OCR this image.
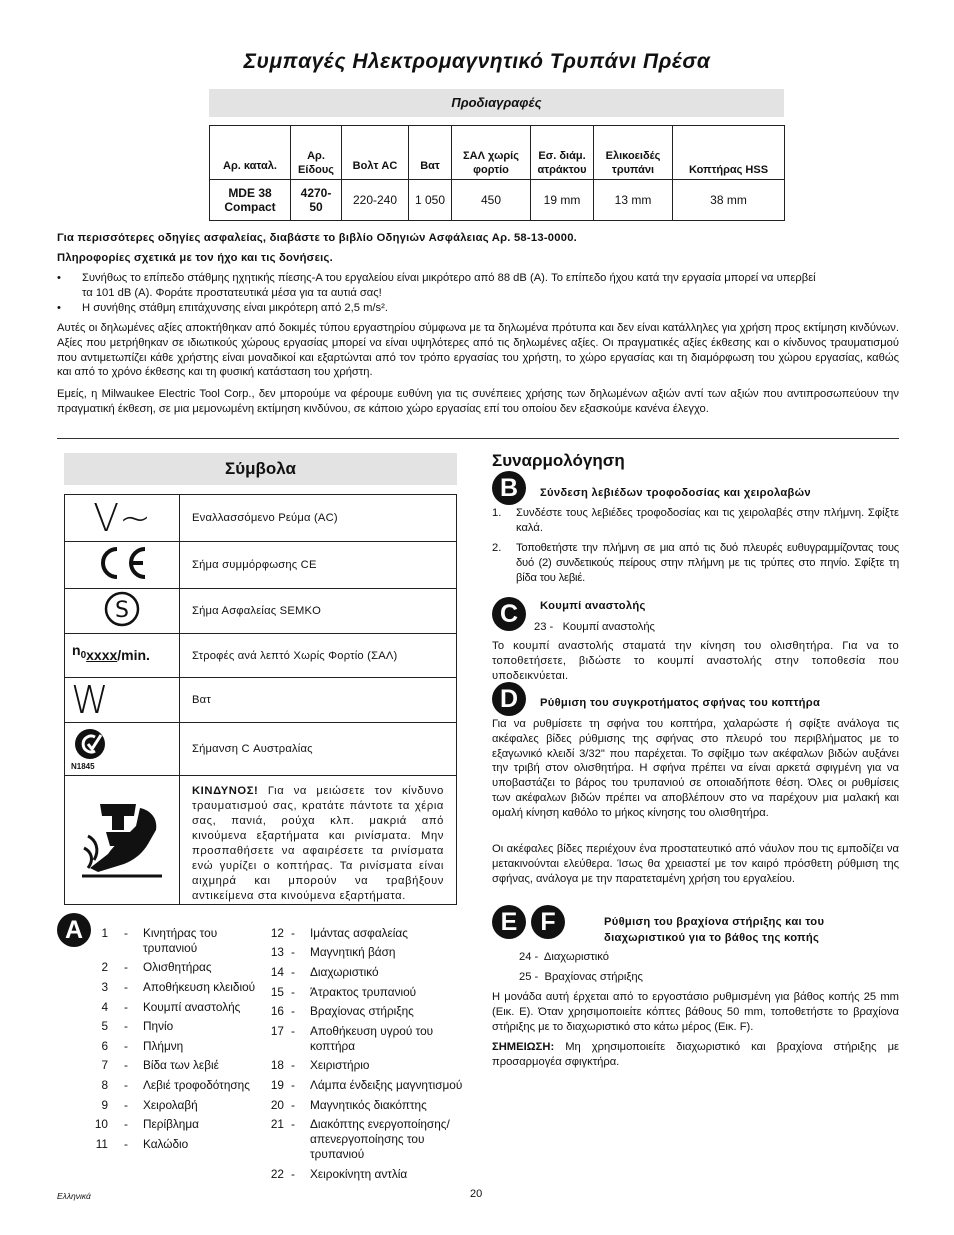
Συμπαγές Ηλεκτρομαγνητικό Τρυπάνι Πρέσα
Προδιαγραφές
Αρ. καταλ.	Αρ. Είδους	Βολτ AC	Βατ	ΣΑΛ χωρίς φορτίο	Εσ. διάμ. ατράκτου	Ελικοειδές τρυπάνι	Κοπτήρας HSS
MDE 38 Compact	4270-50	220-240	1 050	450	19 mm	13 mm	38 mm
Για περισσότερες οδηγίες ασφαλείας, διαβάστε το βιβλίο Οδηγιών Ασφάλειας Αρ. 58-13-0000.
Πληροφορίες σχετικά με τον ήχο και τις δονήσεις.
• Συνήθως το επίπεδο στάθμης ηχητικής πίεσης-A του εργαλείου είναι μικρότερο από 88 dB (A). Το επίπεδο ήχου κατά την εργασία μπορεί να υπερβεί
τα 101 dB (A). Φοράτε προστατευτικά μέσα για τα αυτιά σας!
• Η συνήθης στάθμη επιτάχυνσης είναι μικρότερη από 2,5 m/s².
Αυτές οι δηλωμένες αξίες αποκτήθηκαν από δοκιμές τύπου εργαστηρίου σύμφωνα με τα δηλωμένα πρότυπα και δεν είναι κατάλληλες για χρήση προς εκτίμηση κινδύνων. Αξίες που μετρήθηκαν σε ιδιωτικούς χώρους εργασίας μπορεί να είναι υψηλότερες από τις δηλωμένες αξίες. Οι πραγματικές αξίες έκθεσης και ο κίνδυνος τραυματισμού που αντιμετωπίζει κάθε χρήστης είναι μοναδικοί και εξαρτώνται από τον τρόπο εργασίας του χρήστη, το χώρο εργασίας και τη διαμόρφωση του χώρου εργασίας, καθώς και από το χρόνο έκθεσης και τη φυσική κατάσταση του χρήστη.
Εμείς, η Milwaukee Electric Tool Corp., δεν μπορούμε να φέρουμε ευθύνη για τις συνέπειες χρήσης των δηλωμένων αξιών αντί των αξιών που αντιπροσωπεύουν την πραγματική έκθεση, σε μια μεμονωμένη εκτίμηση κινδύνου, σε κάποιο χώρο εργασίας επί του οποίου δεν εξασκούμε κανένα έλεγχο.
Σύμβολα
V~	Εναλλασσόμενο Ρεύμα (AC)
	Σήμα συμμόρφωσης CE

S	Σήμα Ασφαλείας SEMKO
n0xxxx/min.	Στροφές ανά λεπτό Χωρίς Φορτίο (ΣΑΛ)

W	Βατ

N1845	Σήμανση C Αυστραλίας
	ΚΙΝΔΥΝΟΣ! Για να μειώσετε τον κίνδυνο τραυματισμού σας, κρατάτε πάντοτε τα χέρια σας, πανιά, ρούχα κλπ. μακριά από κινούμενα εξαρτήματα και ρινίσματα. Μην προσπαθήσετε να αφαιρέσετε τα ρινίσματα ενώ γυρίζει ο κοπτήρας. Τα ρινίσματα είναι αιχμηρά και μπορούν να τραβήξουν αντικείμενα στα κινούμενα εξαρτήματα.
A	1 - Κινητήρας του τρυπανιού
2 - Ολισθητήρας
3 - Αποθήκευση κλειδιού
4 - Κουμπί αναστολής
5 - Πηνίο
6 - Πλήμνη
7 - Βίδα των λεβιέ
8 - Λεβιέ τροφοδότησης
9 - Χειρολαβή
10 - Περίβλημα
11 - Καλώδιο
12 - Ιμάντας ασφαλείας
13 - Μαγνητική βάση
14 - Διαχωριστικό
15 - Άτρακτος τρυπανιού
16 - Βραχίονας στήριξης
17 - Αποθήκευση υγρού του κοπτήρα
18 - Χειριστήριο
19 - Λάμπα ένδειξης μαγνητισμού
20 - Μαγνητικός διακόπτης
21 - Διακόπτης ενεργοποίησης/ απενεργοποίησης του τρυπανιού
22 - Χειροκίνητη αντλία
Συναρμολόγηση
B	Σύνδεση λεβιέδων τροφοδοσίας και χειρολαβών
1. Συνδέστε τους λεβιέδες τροφοδοσίας και τις χειρολαβές στην πλήμνη. Σφίξτε καλά.
2. Τοποθετήστε την πλήμνη σε μια από τις δυό πλευρές ευθυγραμμίζοντας τους δυό (2) συνδετικούς πείρους στην πλήμνη με τις τρύπες στο πηνίο. Σφίξτε τη βίδα του λεβιέ.
C	Κουμπί αναστολής
23 -   Κουμπί αναστολής
Το κουμπί αναστολής σταματά την κίνηση του ολισθητήρα. Για να το τοποθετήσετε, βιδώστε το κουμπί αναστολής στην τοποθεσία που υποδεικνύεται.
D	Ρύθμιση του συγκροτήματος σφήνας του κοπτήρα
Για να ρυθμίσετε τη σφήνα του κοπτήρα, χαλαρώστε ή σφίξτε ανάλογα τις ακέφαλες βίδες ρύθμισης της σφήνας στο πλευρό του περιβλήματος με το εξαγωνικό κλειδί 3/32" που παρέχεται. Το σφίξιμο των ακέφαλων βιδών αυξάνει την τριβή στον ολισθητήρα. Η σφήνα πρέπει να είναι αρκετά σφιγμένη για να υποβαστάζει το βάρος του τρυπανιού σε οποιαδήποτε θέση. Όλες οι ρυθμίσεις των ακέφαλων βιδών πρέπει να αποβλέπουν στο να παρέχουν μια μαλακή και ομαλή κίνηση καθόλο το μήκος κίνησης του ολισθητήρα.
Οι ακέφαλες βίδες περιέχουν ένα προστατευτικό από νάυλον που τις εμποδίζει να μετακινούνται ελεύθερα. Ίσως θα χρειαστεί με τον καιρό πρόσθετη ρύθμιση της σφήνας, ανάλογα με την παρατεταμένη χρήση του εργαλείου.
E F	Ρύθμιση του βραχίονα στήριξης και του
διαχωριστικού για το βάθος της κοπής
24 -  Διαχωριστικό
25 -  Βραχίονας στήριξης
Η μονάδα αυτή έρχεται από το εργοστάσιο ρυθμισμένη για βάθος κοπής 25 mm (Εικ. E). Όταν χρησιμοποιείτε κόπτες βάθους 50 mm, τοποθετήστε το βραχίονα στήριξης με το διαχωριστικό στο κάτω μέρος (Εικ. F).
ΣΗΜΕΙΩΣΗ: Μη χρησιμοποιείτε διαχωριστικό και βραχίονα στήριξης με προσαρμογέα σφιγκτήρα.
Ελληνικά	20
